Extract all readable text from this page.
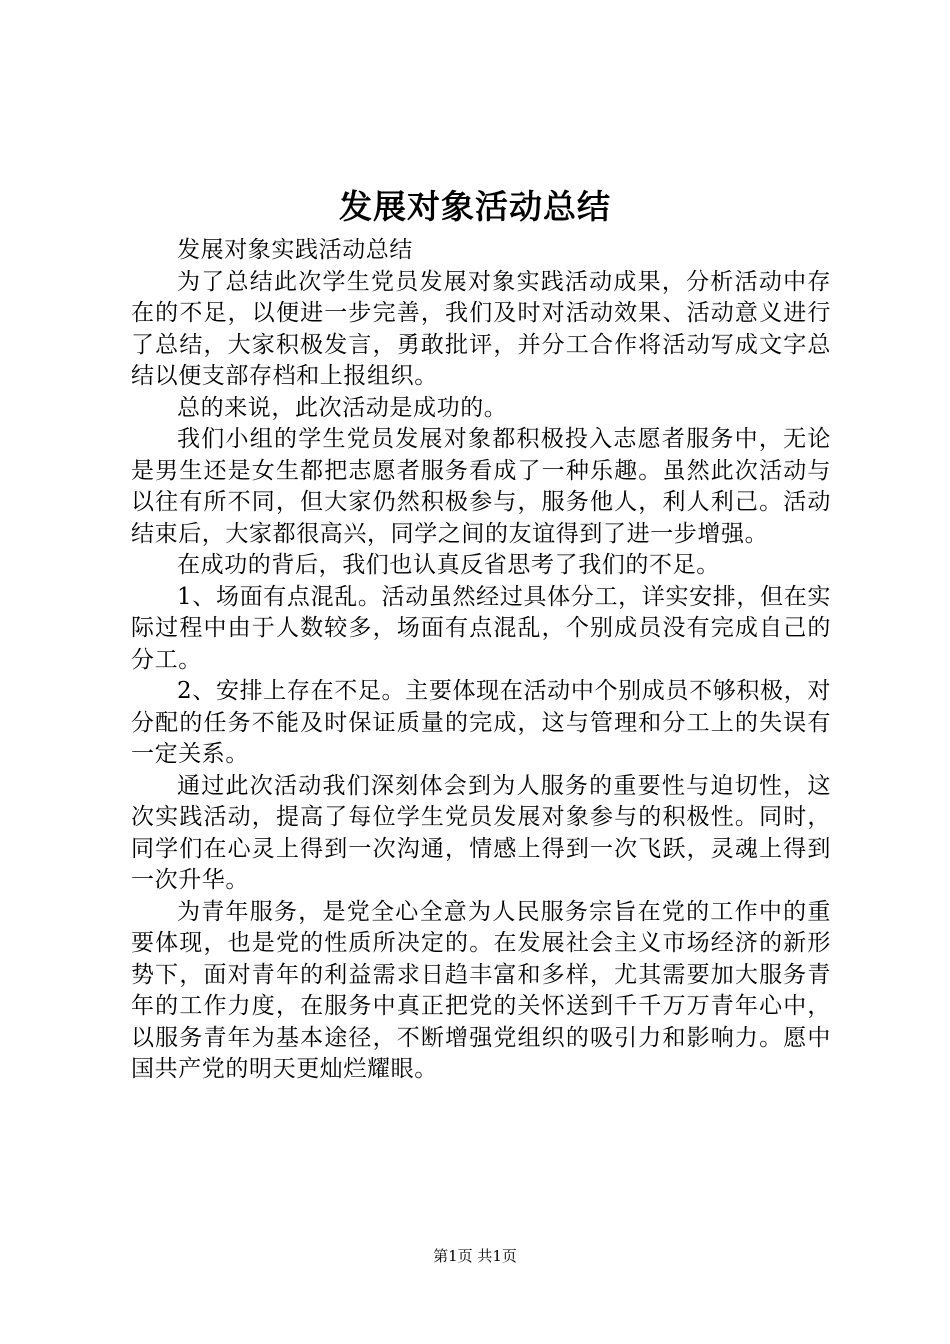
发展对象活动总结

发展对象实践活动总结

为了总结此次学生党员发展对象实践活动成果，分析活动中存在的不足，以便进一步完善，我们及时对活动效果、活动意义进行了总结，大家积极发言，勇敢批评，并分工合作将活动写成文字总结以便支部存档和上报组织。

总的来说，此次活动是成功的。

我们小组的学生党员发展对象都积极投入志愿者服务中，无论是男生还是女生都把志愿者服务看成了一种乐趣。虽然此次活动与以往有所不同，但大家仍然积极参与，服务他人，利人利己。活动结束后，大家都很高兴，同学之间的友谊得到了进一步增强。

在成功的背后，我们也认真反省思考了我们的不足。

1、场面有点混乱。活动虽然经过具体分工，详实安排，但在实际过程中由于人数较多，场面有点混乱，个别成员没有完成自己的分工。

2、安排上存在不足。主要体现在活动中个别成员不够积极，对分配的任务不能及时保证质量的完成，这与管理和分工上的失误有一定关系。

通过此次活动我们深刻体会到为人服务的重要性与迫切性，这次实践活动，提高了每位学生党员发展对象参与的积极性。同时，同学们在心灵上得到一次沟通，情感上得到一次飞跃，灵魂上得到一次升华。

为青年服务，是党全心全意为人民服务宗旨在党的工作中的重要体现，也是党的性质所决定的。在发展社会主义市场经济的新形势下，面对青年的利益需求日趋丰富和多样，尤其需要加大服务青年的工作力度，在服务中真正把党的关怀送到千千万万青年心中，以服务青年为基本途径，不断增强党组织的吸引力和影响力。愿中国共产党的明天更灿烂耀眼。

第1页 共1页
